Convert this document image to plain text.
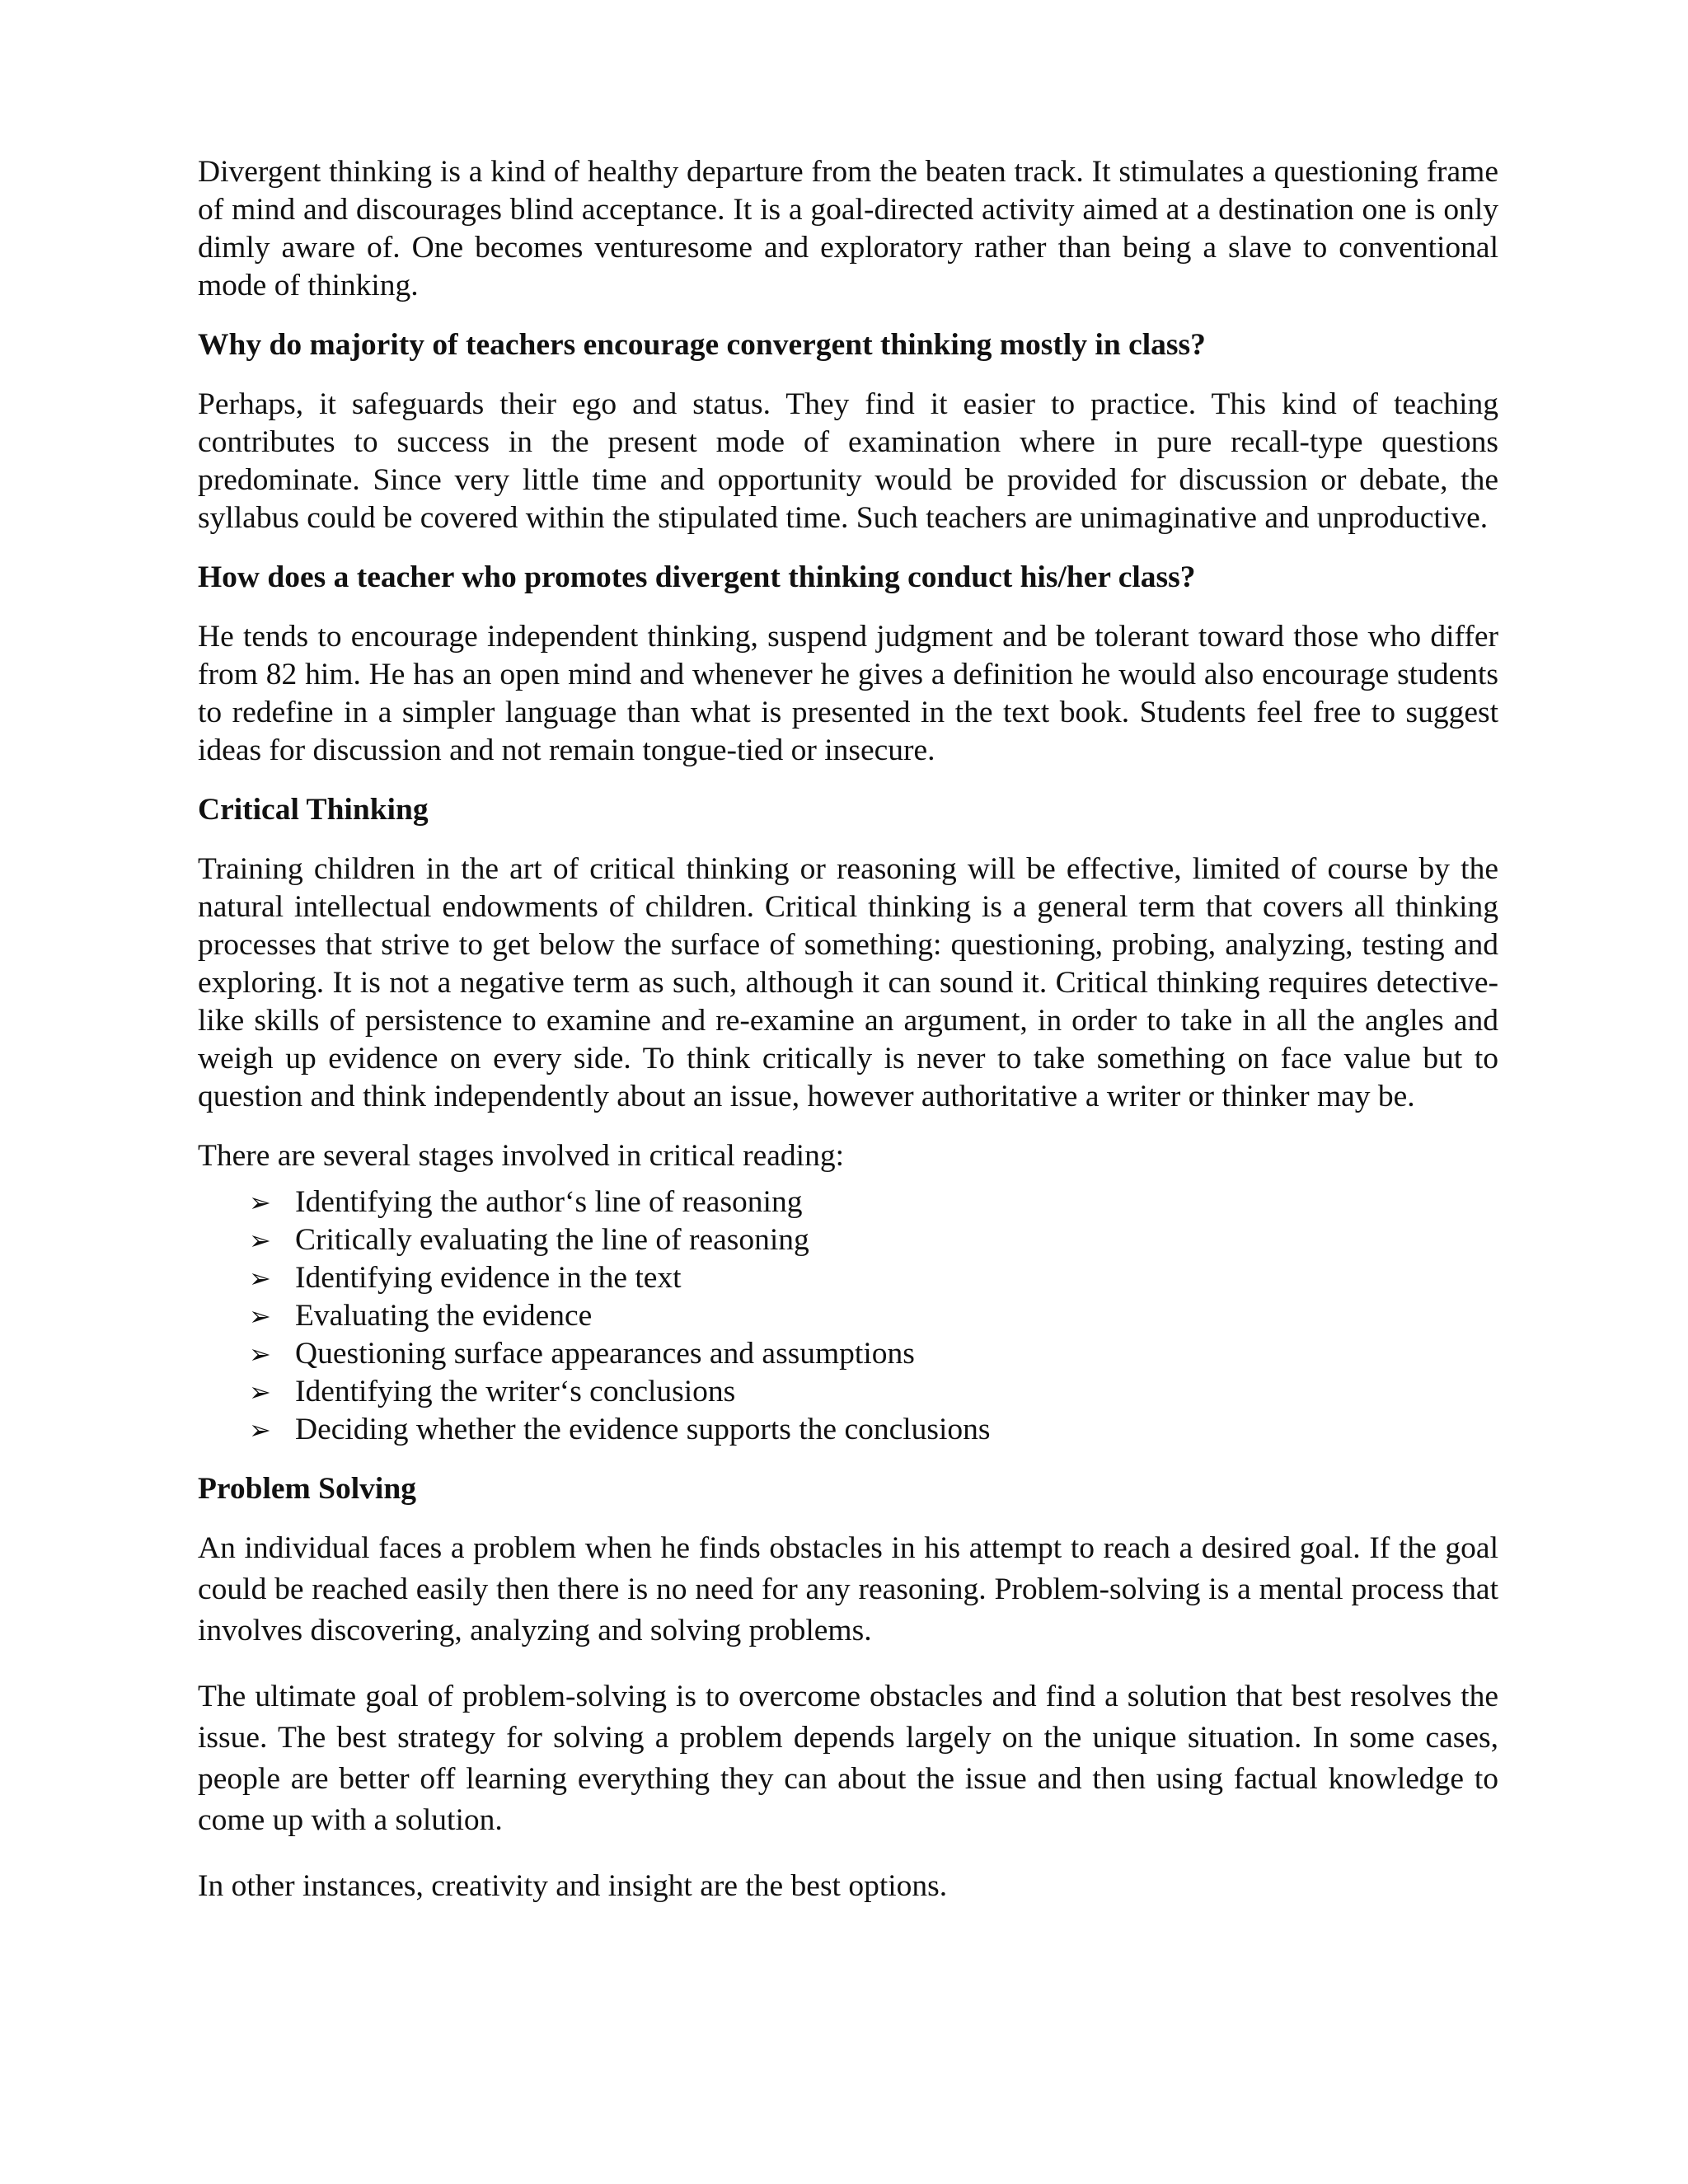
Divergent thinking is a kind of healthy departure from the beaten track. It stimulates a questioning frame of mind and discourages blind acceptance. It is a goal-directed activity aimed at a destination one is only dimly aware of. One becomes venturesome and exploratory rather than being a slave to conventional mode of thinking.

Why do majority of teachers encourage convergent thinking mostly in class?

Perhaps, it safeguards their ego and status. They find it easier to practice. This kind of teaching contributes to success in the present mode of examination where in pure recall-type questions predominate. Since very little time and opportunity would be provided for discussion or debate, the syllabus could be covered within the stipulated time. Such teachers are unimaginative and unproductive.

How does a teacher who promotes divergent thinking conduct his/her class?

He tends to encourage independent thinking, suspend judgment and be tolerant toward those who differ from 82 him. He has an open mind and whenever he gives a definition he would also encourage students to redefine in a simpler language than what is presented in the text book. Students feel free to suggest ideas for discussion and not remain tongue-tied or insecure.

Critical Thinking

Training children in the art of critical thinking or reasoning will be effective, limited of course by the natural intellectual endowments of children. Critical thinking is a general term that covers all thinking processes that strive to get below the surface of something: questioning, probing, analyzing, testing and exploring. It is not a negative term as such, although it can sound it. Critical thinking requires detective-like skills of persistence to examine and re-examine an argument, in order to take in all the angles and weigh up evidence on every side. To think critically is never to take something on face value but to question and think independently about an issue, however authoritative a writer or thinker may be.

There are several stages involved in critical reading:

➢ Identifying the author‘s line of reasoning
➢ Critically evaluating the line of reasoning
➢ Identifying evidence in the text
➢ Evaluating the evidence
➢ Questioning surface appearances and assumptions
➢ Identifying the writer‘s conclusions
➢ Deciding whether the evidence supports the conclusions

Problem Solving

An individual faces a problem when he finds obstacles in his attempt to reach a desired goal. If the goal could be reached easily then there is no need for any reasoning. Problem-solving is a mental process that involves discovering, analyzing and solving problems.

The ultimate goal of problem-solving is to overcome obstacles and find a solution that best resolves the issue. The best strategy for solving a problem depends largely on the unique situation. In some cases, people are better off learning everything they can about the issue and then using factual knowledge to come up with a solution.

In other instances, creativity and insight are the best options.
